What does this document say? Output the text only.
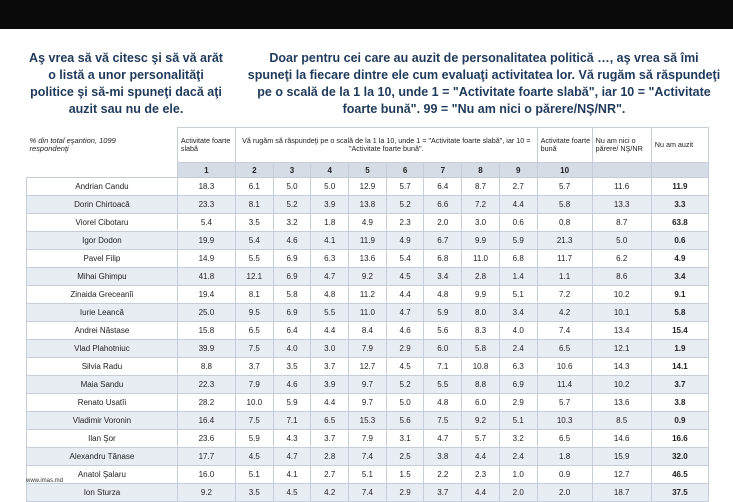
Aş vrea să vă citesc şi să vă arăt o listă a unor personalităţi politice şi să-mi spuneţi dacă aţi auzit sau nu de ele.
Doar pentru cei care au auzit de personalitatea politică …, aş vrea să îmi spuneţi la fiecare dintre ele cum evaluaţi activitatea lor. Vă rugăm să răspundeţi pe o scală de la 1 la 10, unde 1 = "Activitate foarte slabă", iar 10 = "Activitate foarte bună". 99 = "Nu am nici o părere/NŞ/NR".
% din total eşantion, 1099 respondenţi	Activitate foarte slabă	Vă rugăm să răspundeţi pe o scală de la 1 la 10, unde 1 = "Activitate foarte slabă", iar 10 = "Activitate foarte bună".								Activitate foarte bună	Nu am nici o părere/ NŞ/NR	Nu am auzit
	1	2	3	4	5	6	7	8	9	10		
Andrian Candu	18.3	6.1	5.0	5.0	12.9	5.7	6.4	8.7	2.7	5.7	11.6	11.9
Dorin Chirtoacă	23.3	8.1	5.2	3.9	13.8	5.2	6.6	7.2	4.4	5.8	13.3	3.3
Viorel Cibotaru	5.4	3.5	3.2	1.8	4.9	2.3	2.0	3.0	0.6	0.8	8.7	63.8
Igor Dodon	19.9	5.4	4.6	4.1	11.9	4.9	6.7	9.9	5.9	21.3	5.0	0.6
Pavel Filip	14.9	5.5	6.9	6.3	13.6	5.4	6.8	11.0	6.8	11.7	6.2	4.9
Mihai Ghimpu	41.8	12.1	6.9	4.7	9.2	4.5	3.4	2.8	1.4	1.1	8.6	3.4
Zinaida Greceanîi	19.4	8.1	5.8	4.8	11.2	4.4	4.8	9.9	5.1	7.2	10.2	9.1
Iurie Leancă	25.0	9.5	6.9	5.5	11.0	4.7	5.9	8.0	3.4	4.2	10.1	5.8
Andrei Năstase	15.8	6.5	6.4	4.4	8.4	4.6	5.6	8.3	4.0	7.4	13.4	15.4
Vlad Plahotniuc	39.9	7.5	4.0	3.0	7.9	2.9	6.0	5.8	2.4	6.5	12.1	1.9
Silvia Radu	8.8	3.7	3.5	3.7	12.7	4.5	7.1	10.8	6.3	10.6	14.3	14.1
Maia Sandu	22.3	7.9	4.6	3.9	9.7	5.2	5.5	8.8	6.9	11.4	10.2	3.7
Renato Usatîi	28.2	10.0	5.9	4.4	9.7	5.0	4.8	6.0	2.9	5.7	13.6	3.8
Vladimir Voronin	16.4	7.5	7.1	6.5	15.3	5.6	7.5	9.2	5.1	10.3	8.5	0.9
Ilan Şor	23.6	5.9	4.3	3.7	7.9	3.1	4.7	5.7	3.2	6.5	14.6	16.6
Alexandru Tănase	17.7	4.5	4.7	2.8	7.4	2.5	3.8	4.4	2.4	1.8	15.9	32.0
Anatol Şalaru	16.0	5.1	4.1	2.7	5.1	1.5	2.2	2.3	1.0	0.9	12.7	46.5
Ion Sturza	9.2	3.5	4.5	4.2	7.4	2.9	3.7	4.4	2.0	2.0	18.7	37.5
www.imas.md
